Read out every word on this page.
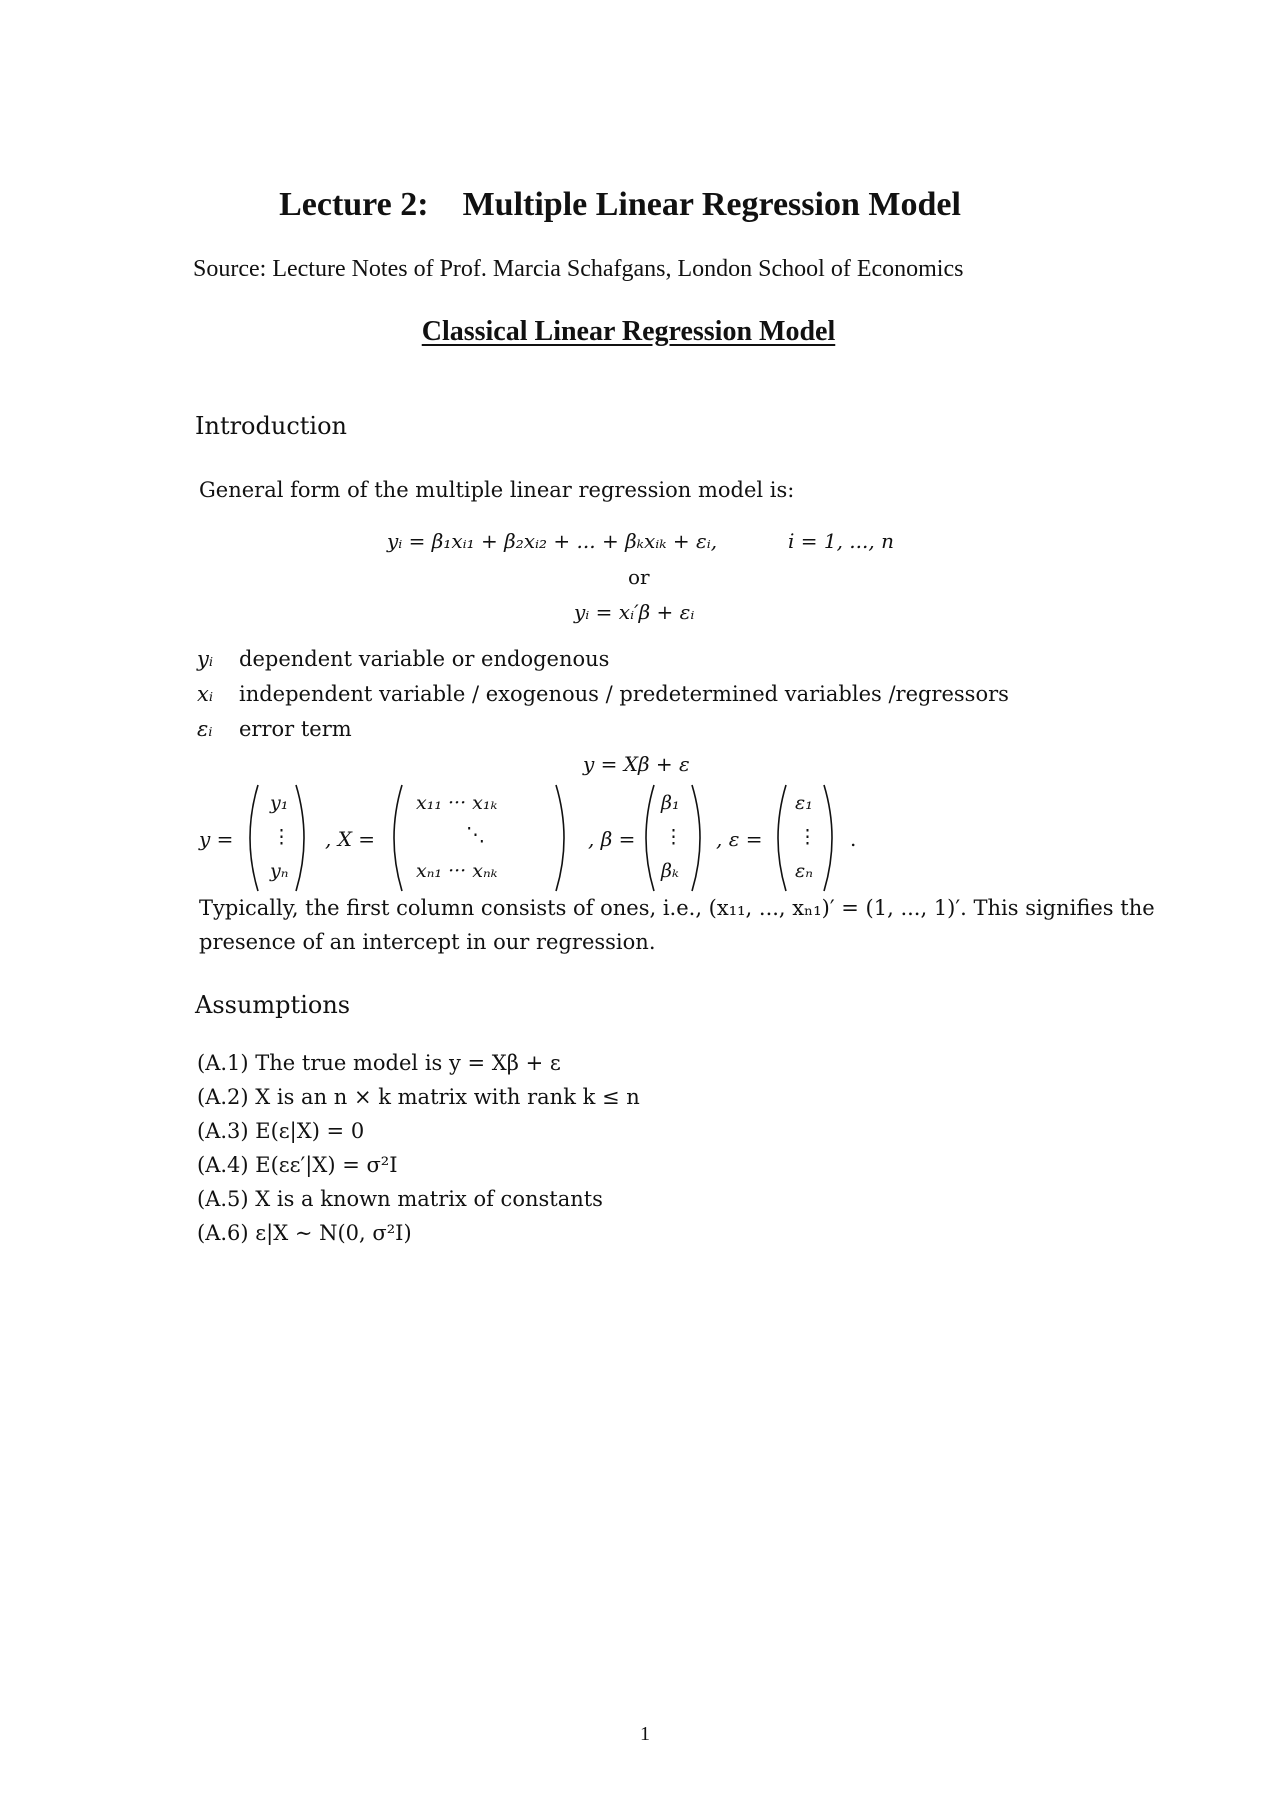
Lecture 2:    Multiple Linear Regression Model
Source: Lecture Notes of Prof. Marcia Schafgans, London School of Economics
Classical Linear Regression Model
Introduction
General form of the multiple linear regression model is:
yᵢ = β₁xᵢ₁ + β₂xᵢ₂ + ... + βₖxᵢₖ + εᵢ,	i = 1, ..., n
or
yᵢ = xᵢ′β + εᵢ
yᵢ dependent variable or endogenous
xᵢ independent variable / exogenous / predetermined variables /regressors
εᵢ error term
y = Xβ + ε
y =
y₁
⋮
yₙ
, X =
x₁₁ ··· x₁ₖ
⋱
xₙ₁ ··· xₙₖ
, β =
β₁
⋮
βₖ
, ε =
ε₁
⋮
εₙ
.
Typically, the first column consists of ones, i.e., (x₁₁, ..., xₙ₁)′ = (1, ..., 1)′. This signifies the
presence of an intercept in our regression.
Assumptions
(A.1) The true model is y = Xβ + ε
(A.2) X is an n × k matrix with rank k ≤ n
(A.3) E(ε|X) = 0
(A.4) E(εε′|X) = σ²I
(A.5) X is a known matrix of constants
(A.6) ε|X ∼ N(0, σ²I)
1
